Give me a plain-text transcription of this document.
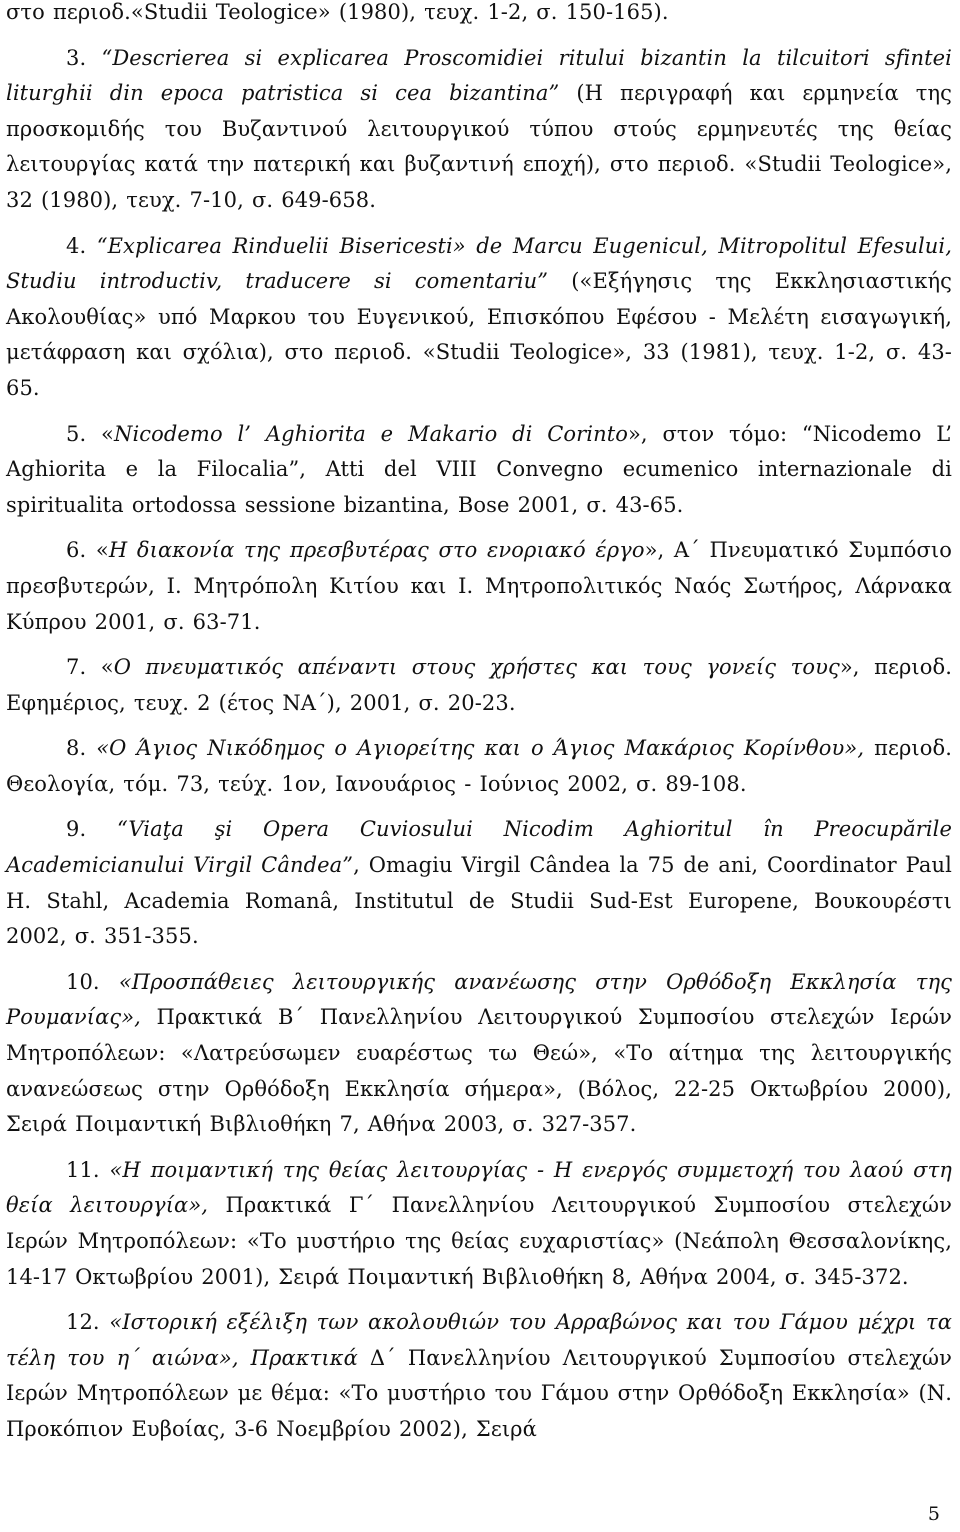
στο περιοδ.«Studii Teologice» (1980), τευχ. 1-2, σ. 150-165).

3. “Descrierea si explicarea Proscomidiei ritului bizantin la tilcuitori sfintei liturghii din epoca patristica si cea bizantina” (Η περιγραφή και ερμηνεία της προσκομιδής του Βυζαντινού λειτουργικού τύπου στούς ερμηνευτές της θείας λειτουργίας κατά την πατερική και βυζαντινή εποχή), στο περιοδ. «Studii Teologice», 32 (1980), τευχ. 7-10, σ. 649-658.

4. “Explicarea Rinduelii Bisericesti» de Marcu Eugenicul, Mitropolitul Efesului, Studiu introductiv, traducere si comentariu” («Εξήγησις της Εκκλησιαστικής Ακολουθίας» υπό Μαρκου του Ευγενικού, Επισκόπου Εφέσου - Μελέτη εισαγωγική, μετάφραση και σχόλια), στο περιοδ. «Studii Teologice», 33 (1981), τευχ. 1-2, σ. 43-65.

5. «Nicodemo l’ Aghiorita e Makario di Corinto», στον τόμο: “Nicodemo L’ Aghiorita e la Filocalia”, Atti del VIII Convegno ecumenico internazionale di spiritualita ortodossa sessione bizantina, Bose 2001, σ. 43-65.

6. «Η διακονία της πρεσβυτέρας στο ενοριακό έργο», Α΄ Πνευματικό Συμπόσιο πρεσβυτερών, Ι. Μητρόπολη Κιτίου και Ι. Μητροπολιτικός Ναός Σωτήρος, Λάρνακα Κύπρου 2001, σ. 63-71.

7. «Ο πνευματικός απέναντι στους χρήστες και τους γονείς τους», περιοδ. Εφημέριος, τευχ. 2 (έτος ΝΑ΄), 2001, σ. 20-23.

8. «Ο Άγιος Νικόδημος ο Αγιορείτης και ο Άγιος Μακάριος Κορίνθου», περιοδ. Θεολογία, τόμ. 73, τεύχ. 1ον, Ιανουάριος - Ιούνιος 2002, σ. 89-108.

9. “Viaţa şi Opera Cuviosului Nicodim Aghioritul în Preocupările Academicianului Virgil Cândea”, Omagiu Virgil Cândea la 75 de ani, Coordinator Paul H. Stahl, Academia Romanâ, Institutul de Studii Sud-Est Europene, Βουκουρέστι 2002, σ. 351-355.

10. «Προσπάθειες λειτουργικής ανανέωσης στην Ορθόδοξη Εκκλησία της Ρουμανίας», Πρακτικά Β΄ Πανελληνίου Λειτουργικού Συμποσίου στελεχών Ιερών Μητροπόλεων: «Λατρεύσωμεν ευαρέστως τω Θεώ», «Το αίτημα της λειτουργικής ανανεώσεως στην Ορθόδοξη Εκκλησία σήμερα», (Βόλος, 22-25 Οκτωβρίου 2000), Σειρά Ποιμαντική Βιβλιοθήκη 7, Αθήνα 2003, σ. 327-357.

11. «Η ποιμαντική της θείας λειτουργίας - Η ενεργός συμμετοχή του λαού στη θεία λειτουργία», Πρακτικά Γ΄ Πανελληνίου Λειτουργικού Συμποσίου στελεχών Ιερών Μητροπόλεων: «Το μυστήριο της θείας ευχαριστίας» (Νεάπολη Θεσσαλονίκης, 14-17 Οκτωβρίου 2001), Σειρά Ποιμαντική Βιβλιοθήκη 8, Αθήνα 2004, σ. 345-372.

12. «Ιστορική εξέλιξη των ακολουθιών του Αρραβώνος και του Γάμου μέχρι τα τέλη του η΄ αιώνα», Πρακτικά Δ΄ Πανελληνίου Λειτουργικού Συμποσίου στελεχών Ιερών Μητροπόλεων με θέμα: «Το μυστήριο του Γάμου στην Ορθόδοξη Εκκλησία» (Ν. Προκόπιον Ευβοίας, 3-6 Νοεμβρίου 2002), Σειρά

5
